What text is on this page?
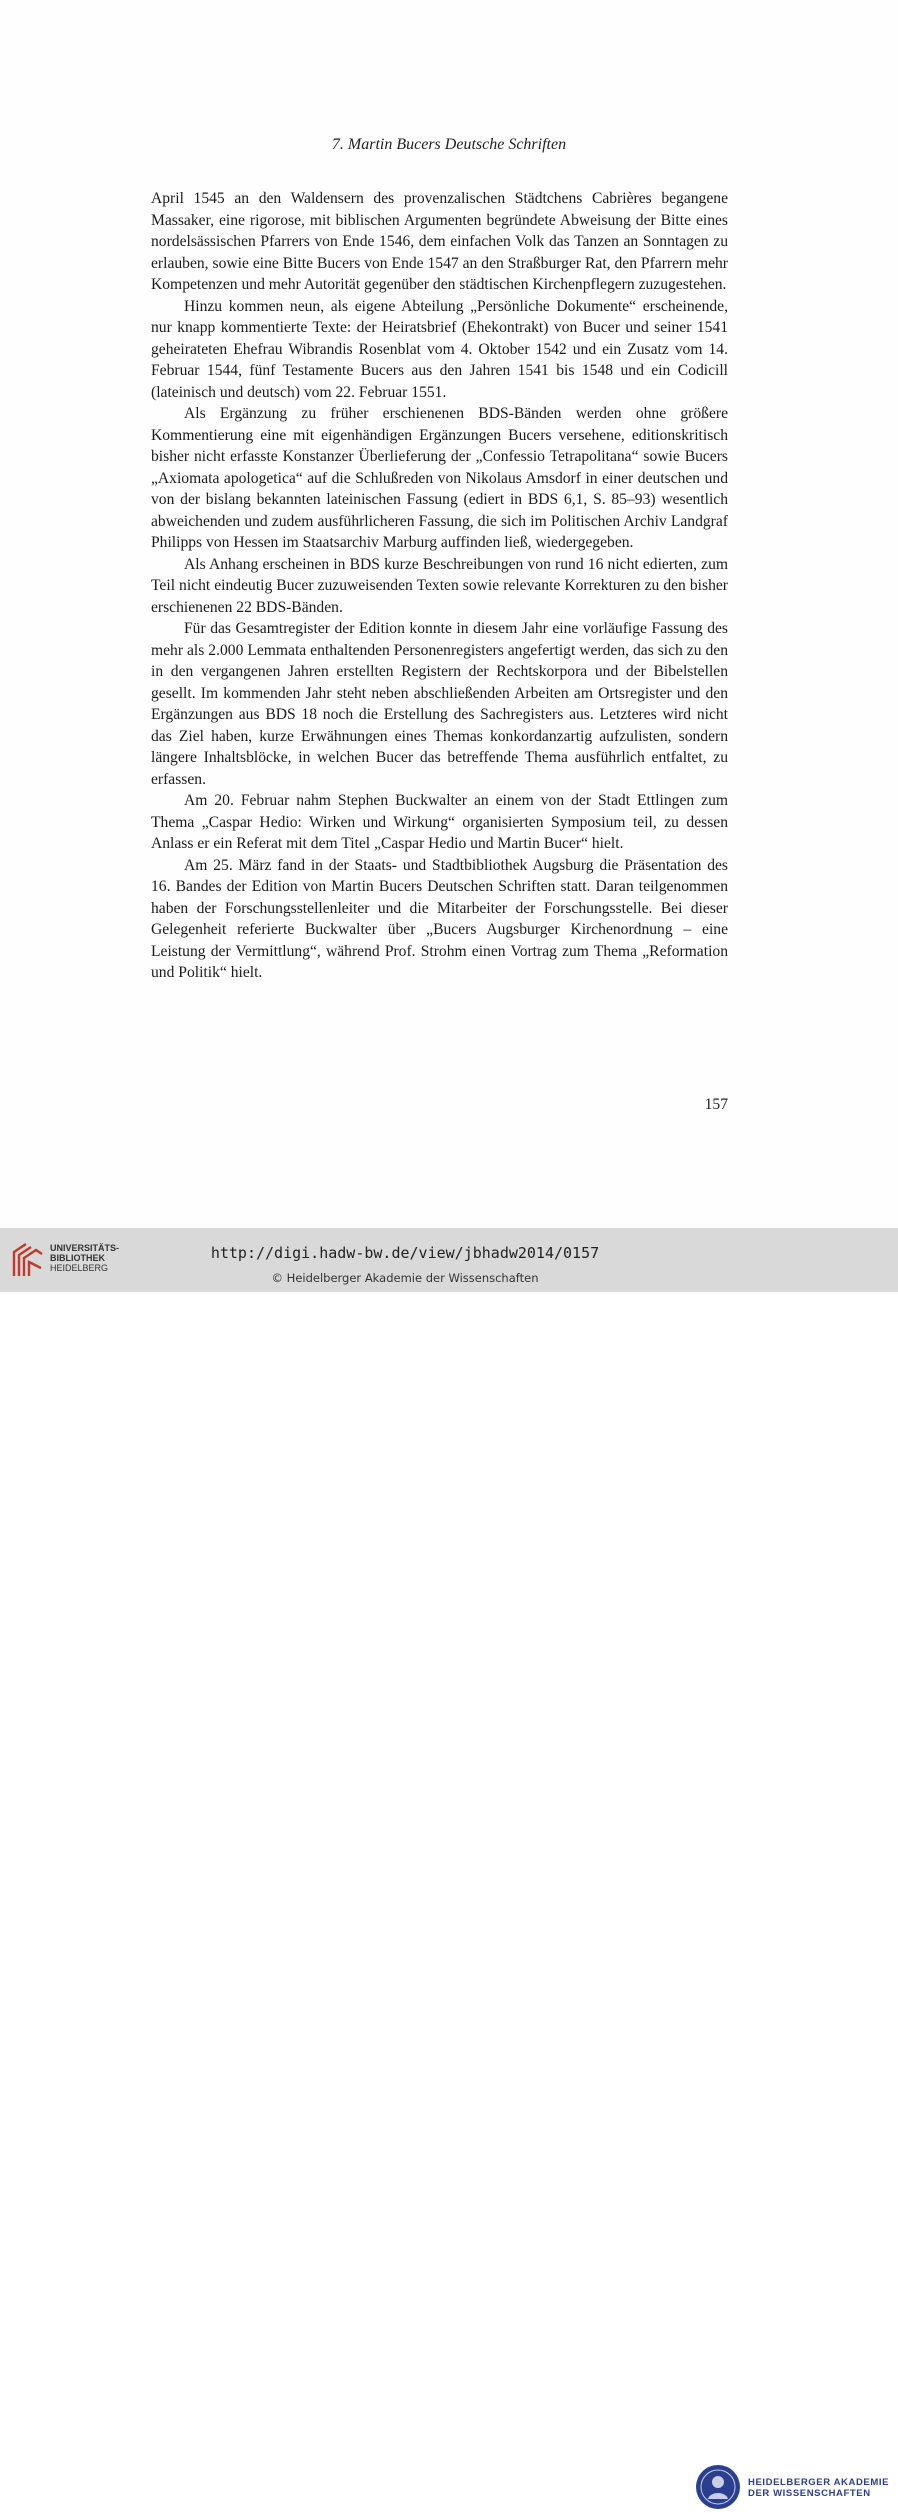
7. Martin Bucers Deutsche Schriften

April 1545 an den Waldensern des provenzalischen Städtchens Cabrières begangene Massaker, eine rigorose, mit biblischen Argumenten begründete Abweisung der Bitte eines nordelsässischen Pfarrers von Ende 1546, dem einfachen Volk das Tanzen an Sonntagen zu erlauben, sowie eine Bitte Bucers von Ende 1547 an den Straßburger Rat, den Pfarrern mehr Kompetenzen und mehr Autorität gegenüber den städtischen Kirchenpflegern zuzugestehen.

Hinzu kommen neun, als eigene Abteilung „Persönliche Dokumente“ erscheinende, nur knapp kommentierte Texte: der Heiratsbrief (Ehekontrakt) von Bucer und seiner 1541 geheirateten Ehefrau Wibrandis Rosenblat vom 4. Oktober 1542 und ein Zusatz vom 14. Februar 1544, fünf Testamente Bucers aus den Jahren 1541 bis 1548 und ein Codicill (lateinisch und deutsch) vom 22. Februar 1551.

Als Ergänzung zu früher erschienenen BDS-Bänden werden ohne größere Kommentierung eine mit eigenhändigen Ergänzungen Bucers versehene, editionskritisch bisher nicht erfasste Konstanzer Überlieferung der „Confessio Tetrapolitana“ sowie Bucers „Axiomata apologetica“ auf die Schlußreden von Nikolaus Amsdorf in einer deutschen und von der bislang bekannten lateinischen Fassung (ediert in BDS 6,1, S. 85–93) wesentlich abweichenden und zudem ausführlicheren Fassung, die sich im Politischen Archiv Landgraf Philipps von Hessen im Staatsarchiv Marburg auffinden ließ, wiedergegeben.

Als Anhang erscheinen in BDS kurze Beschreibungen von rund 16 nicht edierten, zum Teil nicht eindeutig Bucer zuzuweisenden Texten sowie relevante Korrekturen zu den bisher erschienenen 22 BDS-Bänden.

Für das Gesamtregister der Edition konnte in diesem Jahr eine vorläufige Fassung des mehr als 2.000 Lemmata enthaltenden Personenregisters angefertigt werden, das sich zu den in den vergangenen Jahren erstellten Registern der Rechtskorpora und der Bibelstellen gesellt. Im kommenden Jahr steht neben abschließenden Arbeiten am Ortsregister und den Ergänzungen aus BDS 18 noch die Erstellung des Sachregisters aus. Letzteres wird nicht das Ziel haben, kurze Erwähnungen eines Themas konkordanzartig aufzulisten, sondern längere Inhaltsblöcke, in welchen Bucer das betreffende Thema ausführlich entfaltet, zu erfassen.

Am 20. Februar nahm Stephen Buckwalter an einem von der Stadt Ettlingen zum Thema „Caspar Hedio: Wirken und Wirkung“ organisierten Symposium teil, zu dessen Anlass er ein Referat mit dem Titel „Caspar Hedio und Martin Bucer“ hielt.

Am 25. März fand in der Staats- und Stadtbibliothek Augsburg die Präsentation des 16. Bandes der Edition von Martin Bucers Deutschen Schriften statt. Daran teilgenommen haben der Forschungsstellenleiter und die Mitarbeiter der Forschungsstelle. Bei dieser Gelegenheit referierte Buckwalter über „Bucers Augsburger Kirchenordnung – eine Leistung der Vermittlung“, während Prof. Strohm einen Vortrag zum Thema „Reformation und Politik“ hielt.

157
UNIVERSITÄTS-
BIBLIOTHEK
HEIDELBERG
HEIDELBERGER AKADEMIE
DER WISSENSCHAFTEN
http://digi.hadw-bw.de/view/jbhadw2014/0157
© Heidelberger Akademie der Wissenschaften
